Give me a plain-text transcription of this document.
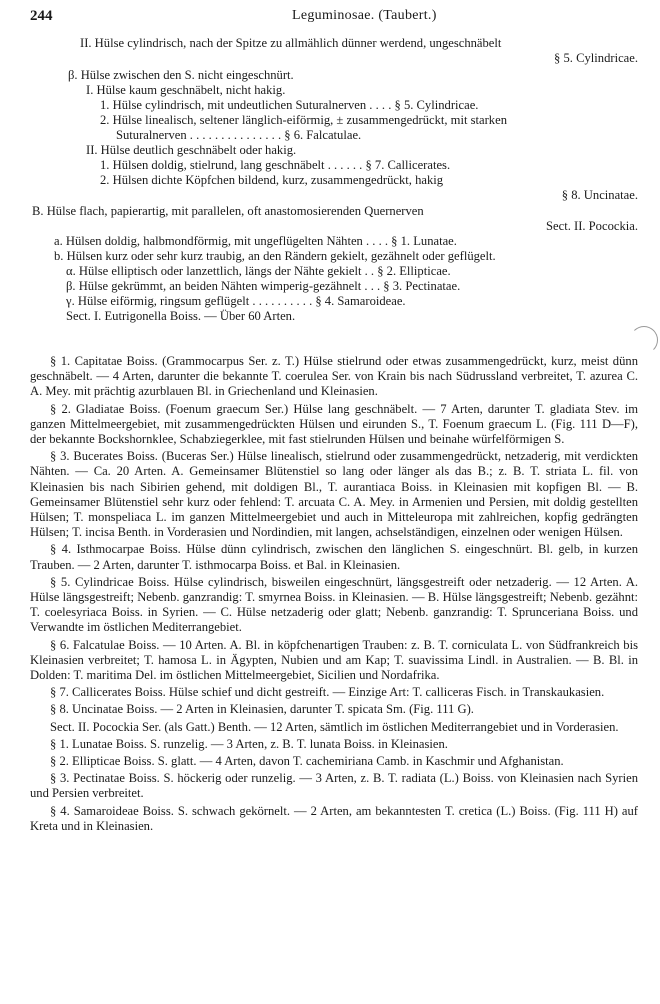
244	Leguminosae. (Taubert.)
II. Hülse cylindrisch, nach der Spitze zu allmählich dünner werdend, ungeschnäbelt
§ 5. Cylindricae.
β. Hülse zwischen den S. nicht eingeschnürt.
I. Hülse kaum geschnäbelt, nicht hakig.
1. Hülse cylindrisch, mit undeutlichen Suturalnerven . . . . § 5. Cylindricae.
2. Hülse linealisch, seltener länglich-eiförmig, ± zusammengedrückt, mit starken
Suturalnerven . . . . . . . . . . . . . . . § 6. Falcatulae.
II. Hülse deutlich geschnäbelt oder hakig.
1. Hülsen doldig, stielrund, lang geschnäbelt . . . . . . § 7. Callicerates.
2. Hülsen dichte Köpfchen bildend, kurz, zusammengedrückt, hakig
§ 8. Uncinatae.
B. Hülse flach, papierartig, mit parallelen, oft anastomosierenden Quernerven
Sect. II. Pocockia.
a. Hülsen doldig, halbmondförmig, mit ungeflügelten Nähten . . . . § 1. Lunatae.
b. Hülsen kurz oder sehr kurz traubig, an den Rändern gekielt, gezähnelt oder geflügelt.
α. Hülse elliptisch oder lanzettlich, längs der Nähte gekielt . . § 2. Ellipticae.
β. Hülse gekrümmt, an beiden Nähten wimperig-gezähnelt . . . § 3. Pectinatae.
γ. Hülse eiförmig, ringsum geflügelt . . . . . . . . . . § 4. Samaroideae.
Sect. I. Eutrigonella Boiss. — Über 60 Arten.

§ 1. Capitatae Boiss. (Grammocarpus Ser. z. T.) Hülse stielrund oder etwas zusammengedrückt, kurz, meist dünn geschnäbelt. — 4 Arten, darunter die bekannte T. coerulea Ser. von Krain bis nach Südrussland verbreitet, T. azurea C. A. Mey. mit prächtig azurblauen Bl. in Griechenland und Kleinasien.

§ 2. Gladiatae Boiss. (Foenum graecum Ser.) Hülse lang geschnäbelt. — 7 Arten, darunter T. gladiata Stev. im ganzen Mittelmeergebiet, mit zusammengedrückten Hülsen und eirunden S., T. Foenum graecum L. (Fig. 111 D—F), der bekannte Bockshornklee, Schabziegerklee, mit fast stielrunden Hülsen und beinahe würfelförmigen S.

§ 3. Bucerates Boiss. (Buceras Ser.) Hülse linealisch, stielrund oder zusammengedrückt, netzaderig, mit verdickten Nähten. — Ca. 20 Arten. A. Gemeinsamer Blütenstiel so lang oder länger als das B.; z. B. T. striata L. fil. von Kleinasien bis nach Sibirien gehend, mit doldigen Bl., T. aurantiaca Boiss. in Kleinasien mit kopfigen Bl. — B. Gemeinsamer Blütenstiel sehr kurz oder fehlend: T. arcuata C. A. Mey. in Armenien und Persien, mit doldig gestellten Hülsen; T. monspeliaca L. im ganzen Mittelmeergebiet und auch in Mitteleuropa mit zahlreichen, kopfig gedrängten Hülsen; T. incisa Benth. in Vorderasien und Nordindien, mit langen, achselständigen, einzelnen oder wenigen Hülsen.

§ 4. Isthmocarpae Boiss. Hülse dünn cylindrisch, zwischen den länglichen S. eingeschnürt. Bl. gelb, in kurzen Trauben. — 2 Arten, darunter T. isthmocarpa Boiss. et Bal. in Kleinasien.

§ 5. Cylindricae Boiss. Hülse cylindrisch, bisweilen eingeschnürt, längsgestreift oder netzaderig. — 12 Arten. A. Hülse längsgestreift; Nebenb. ganzrandig: T. smyrnea Boiss. in Kleinasien. — B. Hülse längsgestreift; Nebenb. gezähnt: T. coelesyriaca Boiss. in Syrien. — C. Hülse netzaderig oder glatt; Nebenb. ganzrandig: T. Sprunceriana Boiss. und Verwandte im östlichen Mediterrangebiet.

§ 6. Falcatulae Boiss. — 10 Arten. A. Bl. in köpfchenartigen Trauben: z. B. T. corniculata L. von Südfrankreich bis Kleinasien verbreitet; T. hamosa L. in Ägypten, Nubien und am Kap; T. suavissima Lindl. in Australien. — B. Bl. in Dolden: T. maritima Del. im östlichen Mittelmeergebiet, Sicilien und Nordafrika.

§ 7. Callicerates Boiss. Hülse schief und dicht gestreift. — Einzige Art: T. calliceras Fisch. in Transkaukasien.

§ 8. Uncinatae Boiss. — 2 Arten in Kleinasien, darunter T. spicata Sm. (Fig. 111 G).

Sect. II. Pocockia Ser. (als Gatt.) Benth. — 12 Arten, sämtlich im östlichen Mediterrangebiet und in Vorderasien.

§ 1. Lunatae Boiss. S. runzelig. — 3 Arten, z. B. T. lunata Boiss. in Kleinasien.

§ 2. Ellipticae Boiss. S. glatt. — 4 Arten, davon T. cachemiriana Camb. in Kaschmir und Afghanistan.

§ 3. Pectinatae Boiss. S. höckerig oder runzelig. — 3 Arten, z. B. T. radiata (L.) Boiss. von Kleinasien nach Syrien und Persien verbreitet.

§ 4. Samaroideae Boiss. S. schwach gekörnelt. — 2 Arten, am bekanntesten T. cretica (L.) Boiss. (Fig. 111 H) auf Kreta und in Kleinasien.
